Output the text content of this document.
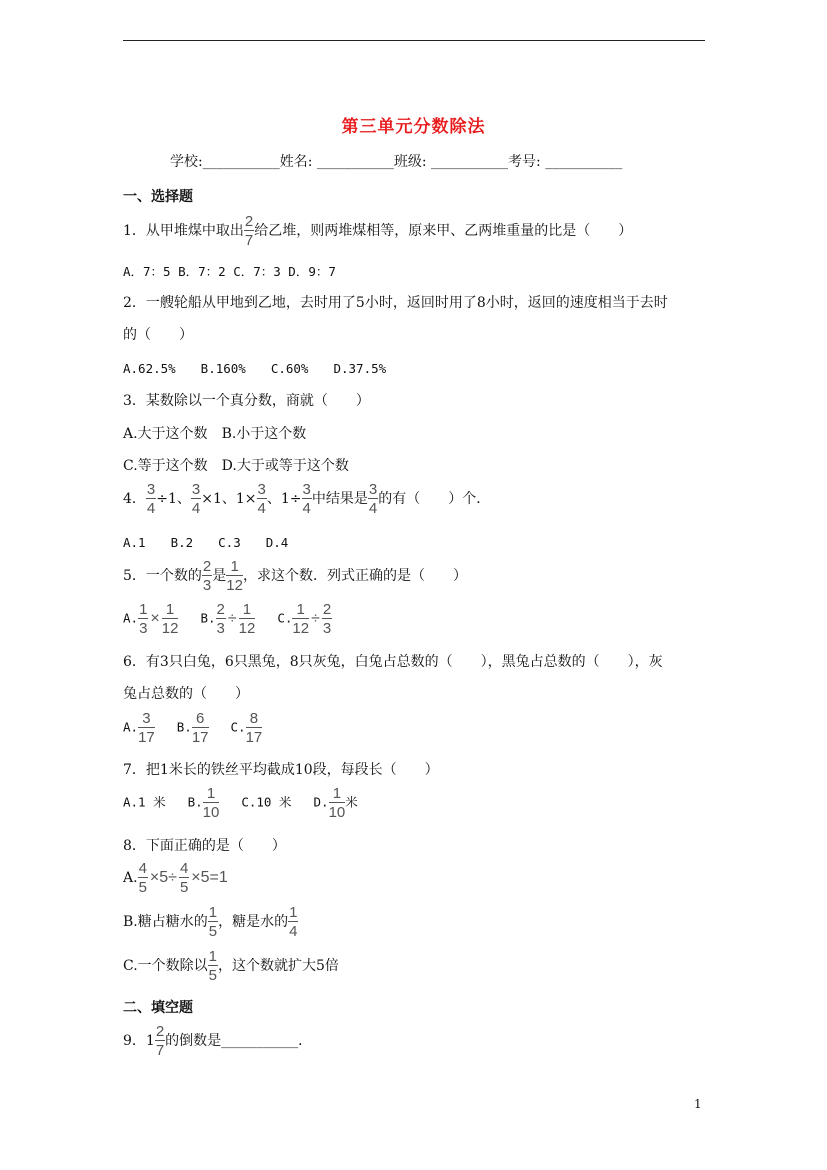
第三单元分数除法
学校:___________姓名: ___________班级: ___________考号: ___________
一、选择题
1．从甲堆煤中取出 $\frac{2}{7}$ 给乙堆，则两堆煤相等，原来甲、乙两堆重量的比是（　　）
A．7：5 B．7：2 C．7：3 D．9：7
2．一艘轮船从甲地到乙地，去时用了5小时，返回时用了8小时，返回的速度相当于去时
的（　　）
A.62.5%　　B.160%　　C.60%　　D.37.5%
3．某数除以一个真分数，商就（　　）
A.大于这个数 B.小于这个数
C.等于这个数 D.大于或等于这个数
4． $\frac{3}{4} \div 1$、 $\frac{3}{4} \times 1$、$1\times \frac{3}{4}$ 、$1\div \frac{3}{4}$ 中结果是 $\frac{3}{4}$ 的有（　　）个．
A.1　　B.2　　C.3　　D.4
5．一个数的 $\frac{2}{3}$ 是 $\frac{1}{12}$ ，求这个数．列式正确的是（　　）
A. $\frac{1}{3} \times \frac{1}{12} B$. $\frac{2}{3} \div \frac{1}{12} C$. $\frac{1}{12} \div \frac{2}{3}$
6．有3只白兔，6只黑兔，8只灰兔，白兔占总数的（　　），黑兔占总数的（　　），灰
兔占总数的（　　）
A. $\frac{3}{17} B$. $\frac{6}{17} C$. $\frac{8}{17}$
7．把1米长的铁丝平均截成10段，每段长（　　）
A.1 米 B. $\frac{1}{10} C.10$ 米 D. $\frac{1}{10}$ 米
8．下面正确的是（　　）
A. $\frac{4}{5} \times 5\div \frac{4}{5} \times 5=1$
B.糖占糖水的 $\frac{1}{5}$ ，糖是水的 $\frac{1}{4}$
C.一个数除以 $\frac{1}{5}$ ，这个数就扩大5倍
二、填空题
9．$1 \frac{2}{7}$ 的倒数是___________．
1
